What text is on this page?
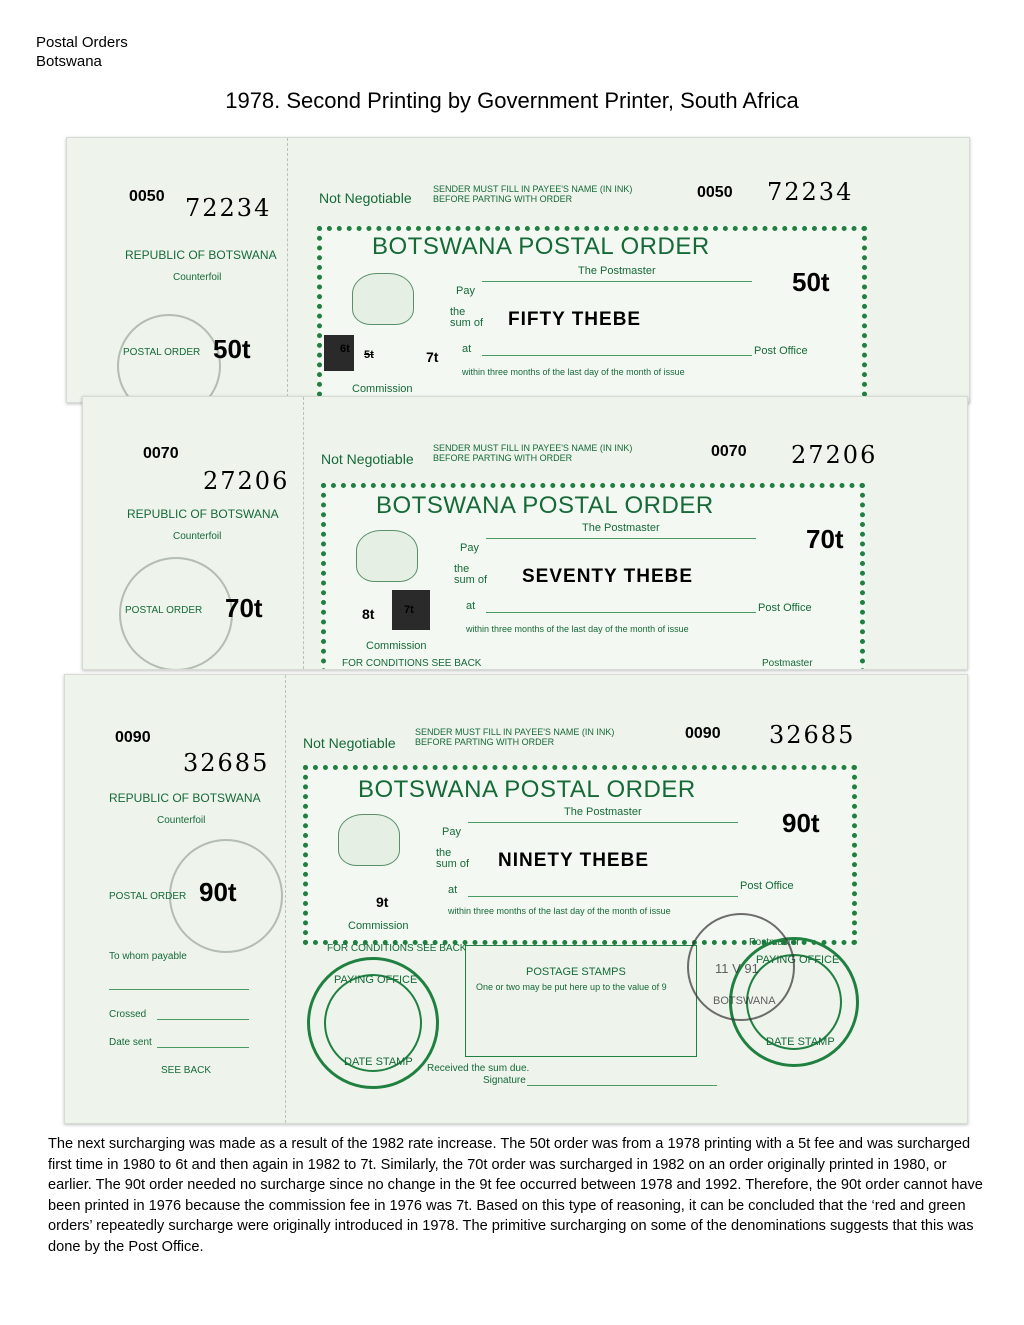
Postal Orders
Botswana
1978. Second Printing by Government Printer, South Africa
0050 72234
REPUBLIC OF BOTSWANA
Counterfoil
POSTAL ORDER 50t
Not Negotiable
SENDER MUST FILL IN PAYEE'S NAME (IN INK) BEFORE PARTING WITH ORDER	0050 72234
BOTSWANA POSTAL ORDER
The Postmaster	50t
Pay
the sum of FIFTY THEBE
at	Post Office
6t 5t	7t
within three months of the last day of the month of issue
Commission
0070
27206
REPUBLIC OF BOTSWANA
Counterfoil
POSTAL ORDER 70t
Not Negotiable
SENDER MUST FILL IN PAYEE'S NAME (IN INK) BEFORE PARTING WITH ORDER	0070 27206
BOTSWANA POSTAL ORDER
The Postmaster	70t
Pay
the sum of SEVENTY THEBE
at	Post Office
8t	7t
within three months of the last day of the month of issue
Commission
FOR CONDITIONS SEE BACK	Postmaster
0090
32685
REPUBLIC OF BOTSWANA
Counterfoil
POSTAL ORDER 90t
To whom payable
Crossed
Date sent
SEE BACK
Not Negotiable
SENDER MUST FILL IN PAYEE'S NAME (IN INK) BEFORE PARTING WITH ORDER	0090 32685
BOTSWANA POSTAL ORDER
The Postmaster	90t
Pay
the sum of NINETY THEBE
at	Post Office
9t
within three months of the last day of the month of issue
Commission
FOR CONDITIONS SEE BACK
Postmaster
POSTAGE STAMPS
One or two may be put here up to the value of 9
Received the sum due.
Signature
PAYING OFFICE
DATE STAMP
PAYING OFFICE
DATE STAMP
11 V 91
BOTSWANA
The next surcharging was made as a result of the 1982 rate increase. The 50t order was from a 1978 printing with a 5t fee and was surcharged first time in 1980 to 6t and then again in 1982 to 7t. Similarly, the 70t order was surcharged in 1982 on an order originally printed in 1980, or earlier. The 90t order needed no surcharge since no change in the 9t fee occurred between 1978 and 1992. Therefore, the 90t order cannot have been printed in 1976 because the commission fee in 1976 was 7t. Based on this type of reasoning, it can be concluded that the ‘red and green orders’ repeatedly surcharge were originally introduced in 1978. The primitive surcharging on some of the denominations suggests that this was done by the Post Office.
